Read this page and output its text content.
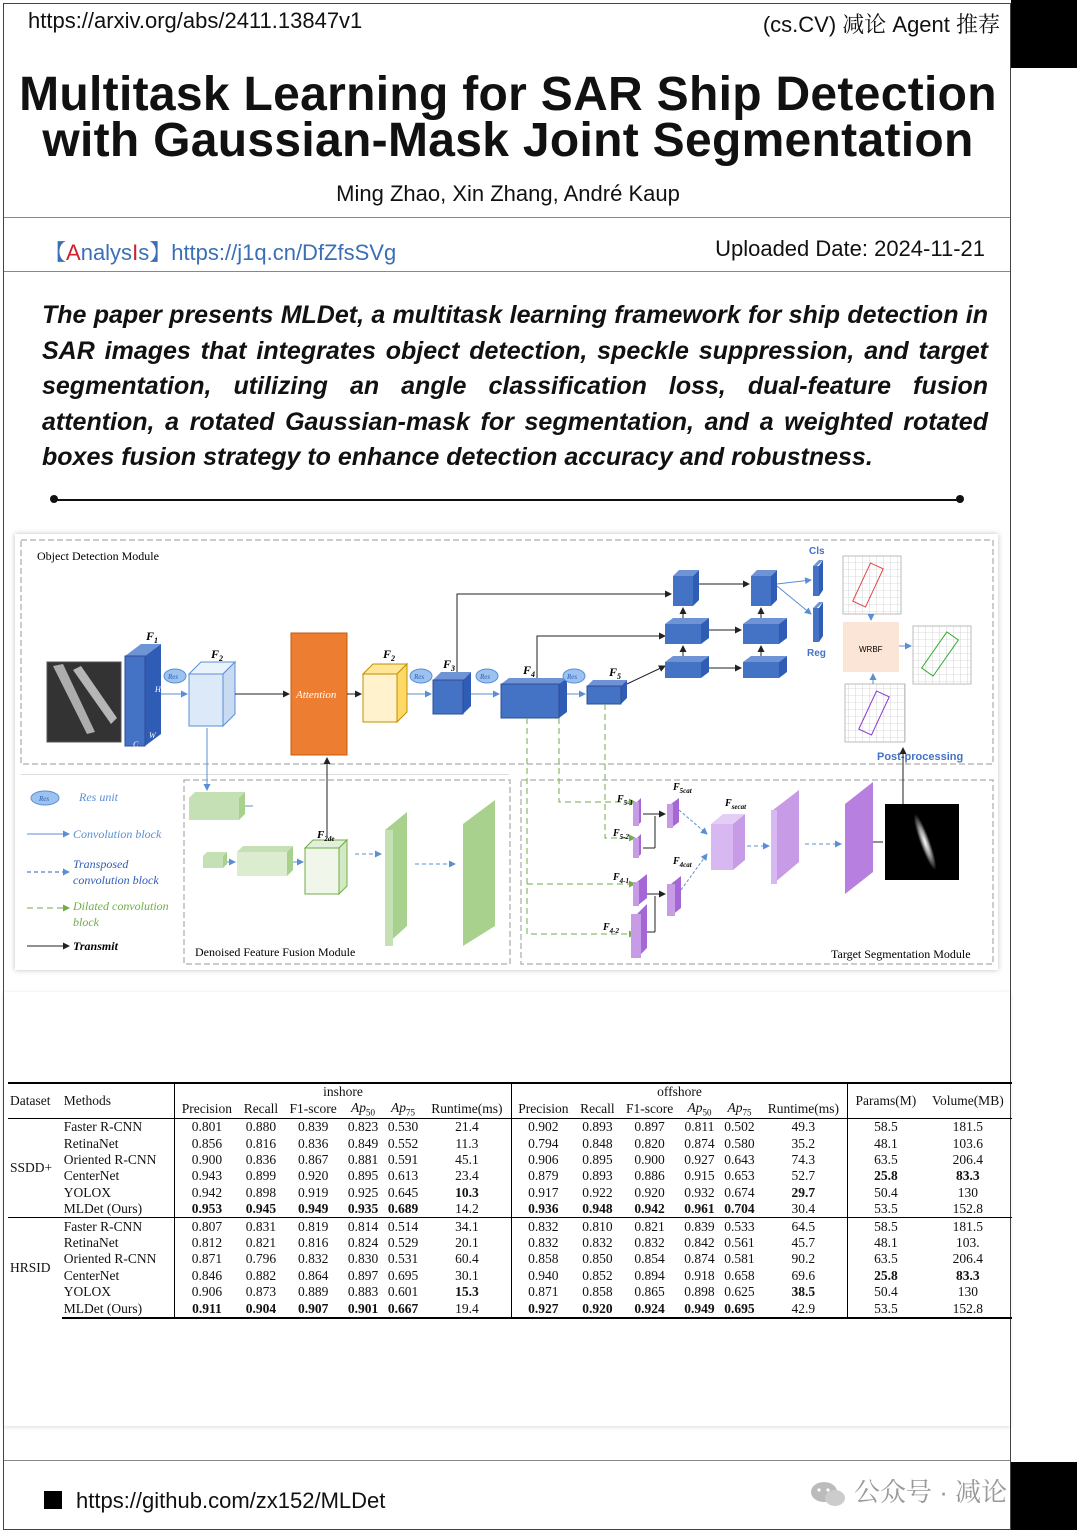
https://arxiv.org/abs/2411.13847v1	(cs.CV) 减论 Agent 推荐
Multitask Learning for SAR Ship Detection
with Gaussian-Mask Joint Segmentation
Ming Zhao, Xin Zhang, André Kaup
【AnalysIs】https://j1q.cn/DfZfsSVg	Uploaded Date: 2024-11-21
The paper presents MLDet, a multitask learning framework for ship detection in SAR images that integrates object detection, speckle suppression, and target segmentation, utilizing an angle classification loss, dual-feature fusion attention, a rotated Gaussian-mask for segmentation, and a weighted rotated boxes fusion strategy to enhance detection accuracy and robustness.
Object Detection Module
Denoised Feature Fusion Module	Target Segmentation Module
H
W
C
$F_1$
Res
$F_2$
Attention
$F_2$
Res
$F_3$
Res	$F_4$	Res	$F_5$
Cls
Reg	WRBF
Post-processing
Res Res unit
Convolution block
Transposed
convolution block
Dilated convolution
block
Transmit
$F_{2de}$
$F_{5-1}$
$F_{5-2}$
$F_{4-1}$
$F_{4-2}$
$F_{5cat}$
$F_{4cat}$
$F_{secat}$
Dataset	Methods	inshore						offshore						Params(M)	Volume(MB)
		Precision	Recall	F1-score	$Ap_{50}$	$Ap_{75}$	Runtime(ms)	Precision	Recall	F1-score	$Ap_{50}$	$Ap_{75}$	Runtime(ms)		
SSDD+	Faster R-CNN	0.801	0.880	0.839	0.823	0.530	21.4	0.902	0.893	0.897	0.811	0.502	49.3	58.5	181.5
	RetinaNet	0.856	0.816	0.836	0.849	0.552	11.3	0.794	0.848	0.820	0.874	0.580	35.2	48.1	103.6
	Oriented R-CNN	0.900	0.836	0.867	0.881	0.591	45.1	0.906	0.895	0.900	0.927	0.643	74.3	63.5	206.4
	CenterNet	0.943	0.899	0.920	0.895	0.613	23.4	0.879	0.893	0.886	0.915	0.653	52.7	25.8	83.3
	YOLOX	0.942	0.898	0.919	0.925	0.645	10.3	0.917	0.922	0.920	0.932	0.674	29.7	50.4	130
	MLDet (Ours)	0.953	0.945	0.949	0.935	0.689	14.2	0.936	0.948	0.942	0.961	0.704	30.4	53.5	152.8
HRSID	Faster R-CNN	0.807	0.831	0.819	0.814	0.514	34.1	0.832	0.810	0.821	0.839	0.533	64.5	58.5	181.5
	RetinaNet	0.812	0.821	0.816	0.824	0.529	20.1	0.832	0.832	0.832	0.842	0.561	45.7	48.1	103.
	Oriented R-CNN	0.871	0.796	0.832	0.830	0.531	60.4	0.858	0.850	0.854	0.874	0.581	90.2	63.5	206.4
	CenterNet	0.846	0.882	0.864	0.897	0.695	30.1	0.940	0.852	0.894	0.918	0.658	69.6	25.8	83.3
	YOLOX	0.906	0.873	0.889	0.883	0.601	15.3	0.871	0.858	0.865	0.898	0.625	38.5	50.4	130
	MLDet (Ours)	0.911	0.904	0.907	0.901	0.667	19.4	0.927	0.920	0.924	0.949	0.695	42.9	53.5	152.8
https://github.com/zx152/MLDet	公众号 · 减论
